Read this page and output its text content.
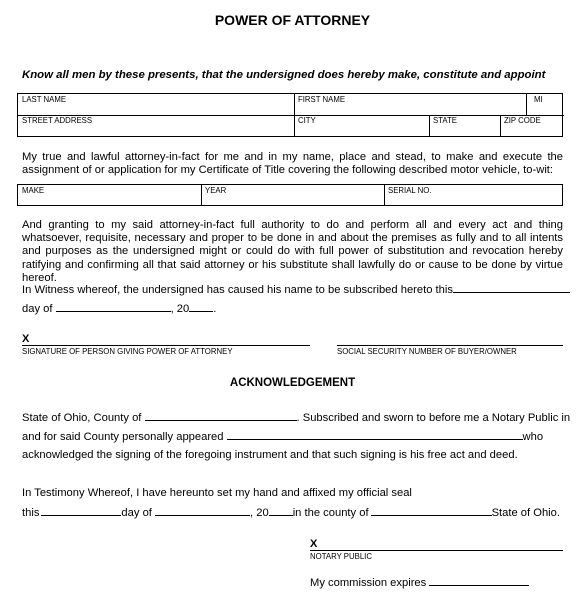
POWER OF ATTORNEY
Know all men by these presents, that the undersigned does hereby make, constitute and appoint
LAST NAME	FIRST NAME	MI
STREET ADDRESS	CITY	STATE	ZIP CODE
My true and lawful attorney-in-fact for me and in my name, place and stead, to make and execute the assignment of or application for my Certificate of Title covering the following described motor vehicle, to-wit:
MAKE	YEAR	SERIAL NO.
And granting to my said attorney-in-fact full authority to do and perform all and every act and thing whatsoever, requisite, necessary and proper to be done in and about the premises as fully and to all intents and purposes as the undersigned might or could do with full power of substitution and revocation hereby ratifying and confirming all that said attorney or his substitute shall lawfully do or cause to be done by virtue hereof.
In Witness whereof, the undersigned has caused his name to be subscribed hereto this
day of	, 20 .
X
SIGNATURE OF PERSON GIVING POWER OF ATTORNEY	SOCIAL SECURITY NUMBER OF BUYER/OWNER
ACKNOWLEDGEMENT
State of Ohio, County of	. Subscribed and sworn to before me a Notary Public in
and for said County personally appeared	who
acknowledged the signing of the foregoing instrument and that such signing is his free act and deed.
In Testimony Whereof, I have hereunto set my hand and affixed my official seal
this	day of	, 20 in the county of	State of Ohio.
X
NOTARY PUBLIC
My commission expires
